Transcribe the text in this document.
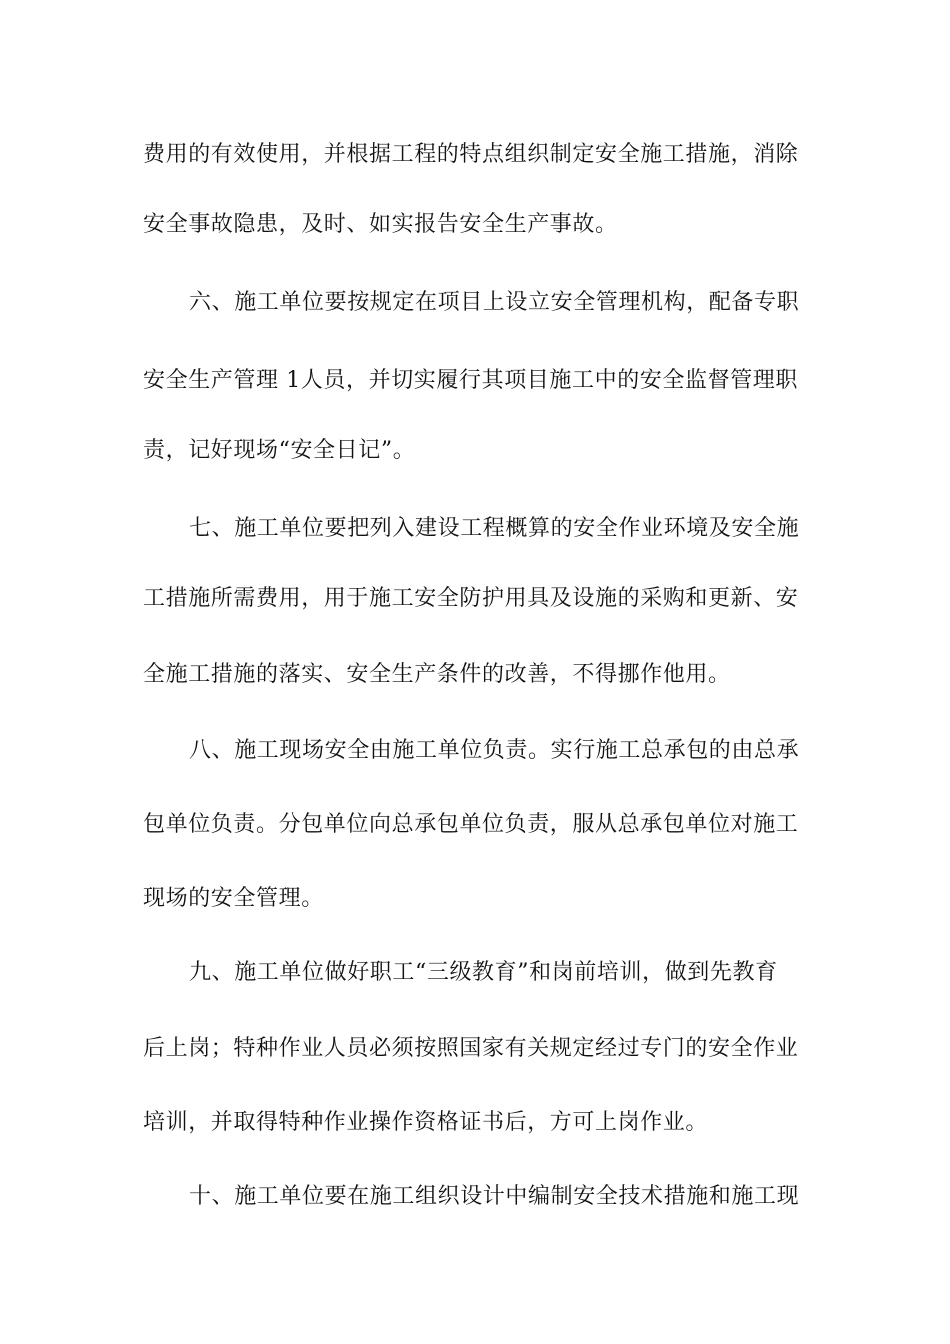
费用的有效使用，并根据工程的特点组织制定安全施工措施，消除
安全事故隐患，及时、如实报告安全生产事故。
六、施工单位要按规定在项目上设立安全管理机构，配备专职
安全生产管理 1人员，并切实履行其项目施工中的安全监督管理职
责，记好现场“安全日记”。
七、施工单位要把列入建设工程概算的安全作业环境及安全施
工措施所需费用，用于施工安全防护用具及设施的采购和更新、安
全施工措施的落实、安全生产条件的改善，不得挪作他用。
八、施工现场安全由施工单位负责。实行施工总承包的由总承
包单位负责。分包单位向总承包单位负责，服从总承包单位对施工
现场的安全管理。
九、施工单位做好职工“三级教育”和岗前培训，做到先教育
后上岗；特种作业人员必须按照国家有关规定经过专门的安全作业
培训，并取得特种作业操作资格证书后，方可上岗作业。
十、施工单位要在施工组织设计中编制安全技术措施和施工现
